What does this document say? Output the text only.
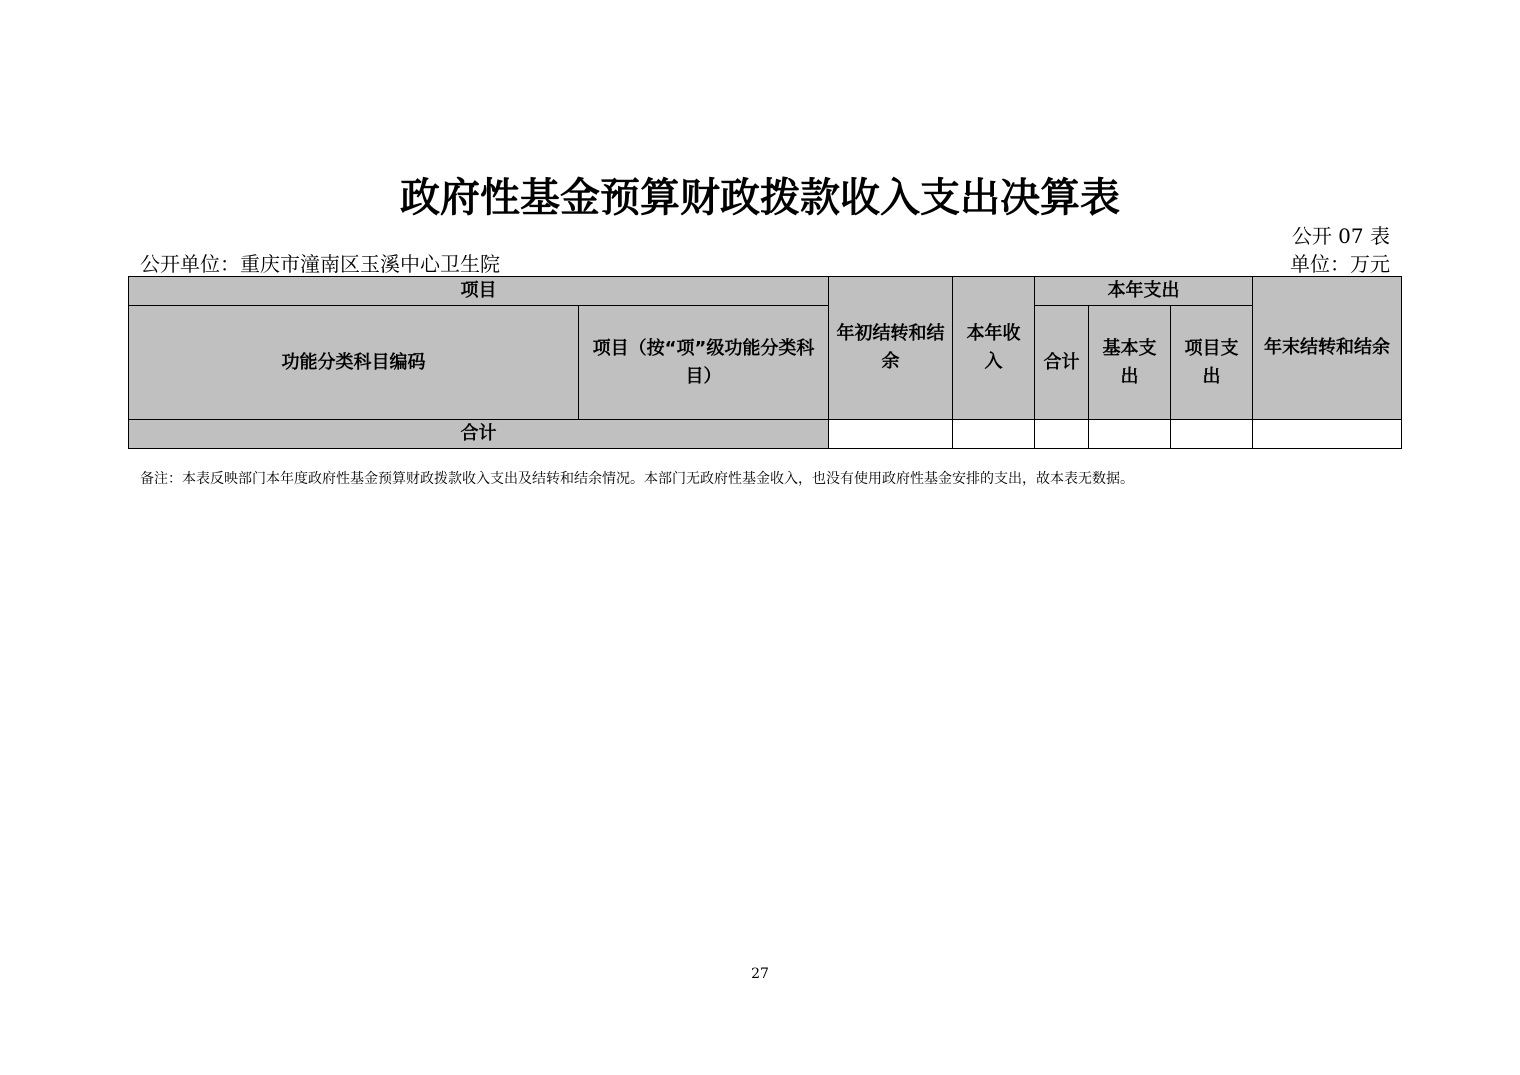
政府性基金预算财政拨款收入支出决算表
公开 07 表
公开单位：重庆市潼南区玉溪中心卫生院	单位：万元
项目		年初结转和结余	本年收入	本年支出			年末结转和结余
功能分类科目编码	项目（按“项”级功能分类科目）			合计	基本支出	项目支出	
合计							
备注：本表反映部门本年度政府性基金预算财政拨款收入支出及结转和结余情况。本部门无政府性基金收入，也没有使用政府性基金安排的支出，故本表无数据。
27
